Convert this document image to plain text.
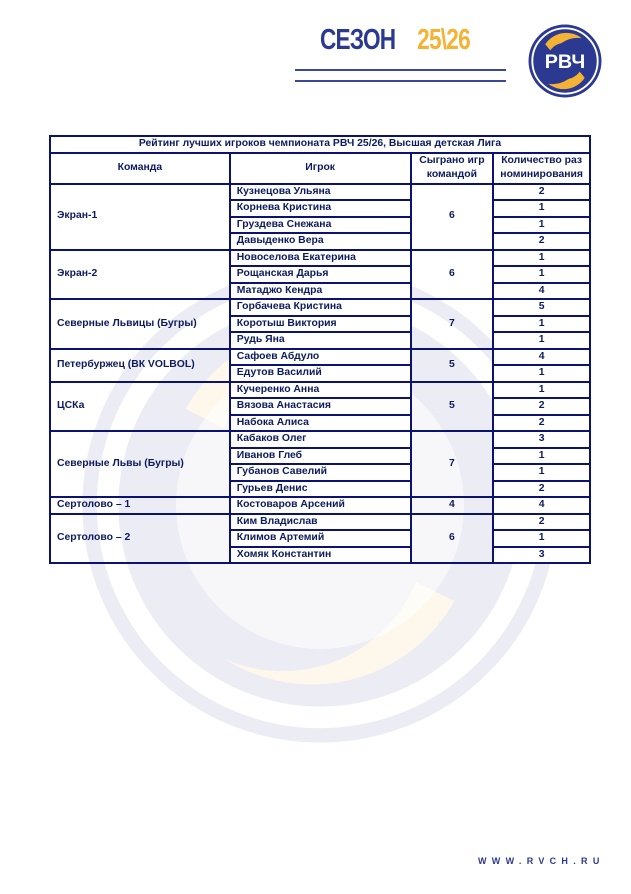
СЕЗОН 25\26
РВЧ
Рейтинг лучших игроков чемпионата РВЧ 25/26, Высшая детская Лига			
Команда	Игрок	Сыграно игр командой	Количество раз номинирования
Экран-1	Кузнецова Ульяна	6	2
	Корнева Кристина		1
	Груздева Снежана		1
	Давыденко Вера		2
Экран-2	Новоселова Екатерина	6	1
	Рощанская Дарья		1
	Матаджо Кендра		4
Северные Львицы (Бугры)	Горбачева Кристина	7	5
	Коротыш Виктория		1
	Рудь Яна		1
Петербуржец (ВК VOLBOL)	Сафоев Абдуло	5	4
	Едутов Василий		1
ЦСКа	Кучеренко Анна	5	1
	Вязова Анастасия		2
	Набока Алиса		2
Северные Львы (Бугры)	Кабаков Олег	7	3
	Иванов Глеб		1
	Губанов Савелий		1
	Гурьев Денис		2
Сертолово – 1	Костоваров Арсений	4	4
Сертолово – 2	Ким Владислав	6	2
	Климов Артемий		1
	Хомяк Константин		3
WWW.RVCH.RU
